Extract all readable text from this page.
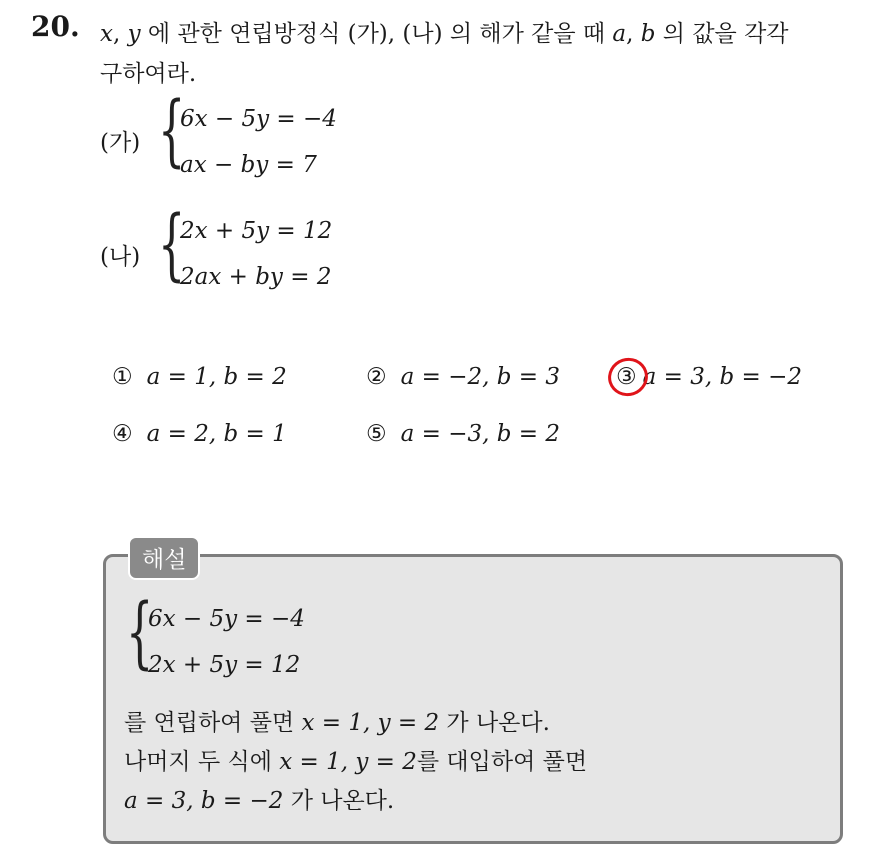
20. x, y 에 관한 연립방정식 (가), (나) 의 해가 같을 때 a, b 의 값을 각각
구하여라.
(가) {
6x − 5y = −4
ax − by = 7
(나) {
2x + 5y = 12
2ax + by = 2
① a = 1, b = 2	② a = −2, b = 3 ③ a = 3, b = −2
④ a = 2, b = 1	⑤ a = −3, b = 2
해설
{
6x − 5y = −4
2x + 5y = 12
를 연립하여 풀면 x = 1, y = 2 가 나온다.
나머지 두 식에 x = 1, y = 2를 대입하여 풀면
a = 3, b = −2 가 나온다.
